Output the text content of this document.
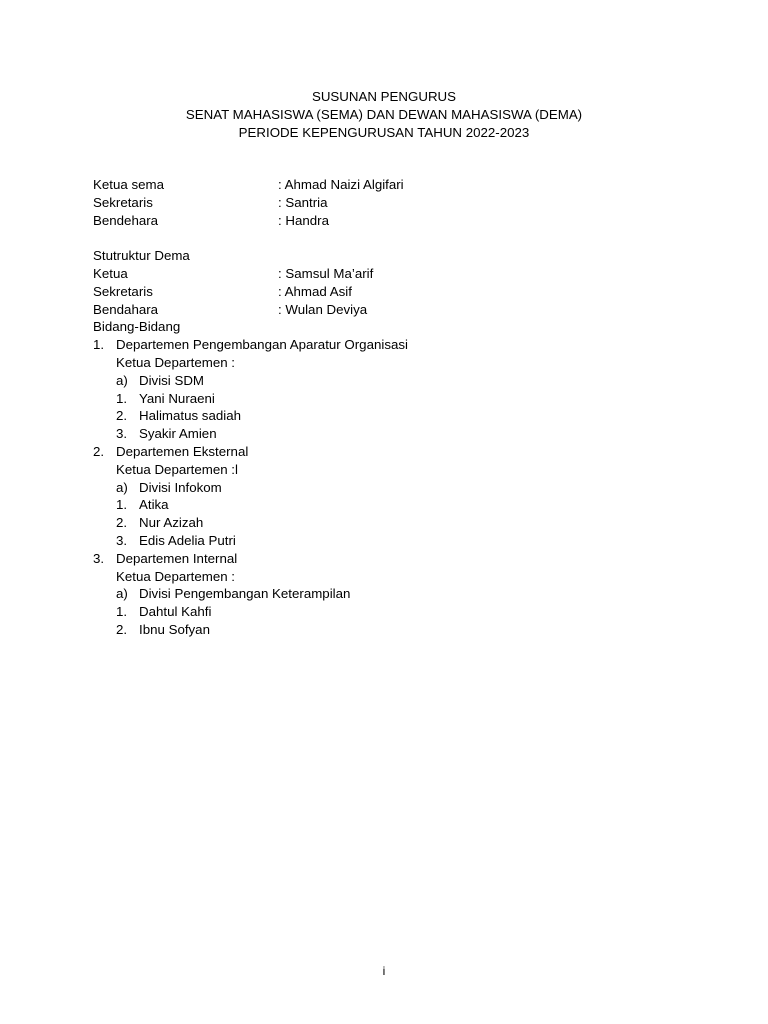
SUSUNAN PENGURUS
SENAT MAHASISWA (SEMA) DAN DEWAN MAHASISWA (DEMA)
PERIODE KEPENGURUSAN TAHUN 2022-2023
Ketua sema	: Ahmad Naizi Algifari
Sekretaris	: Santria
Bendehara	: Handra
Stutruktur Dema
Ketua	: Samsul Ma’arif
Sekretaris	: Ahmad Asif
Bendahara	: Wulan Deviya
Bidang-Bidang
1. Departemen Pengembangan Aparatur Organisasi
Ketua Departemen :
a) Divisi SDM
1. Yani Nuraeni
2. Halimatus sadiah
3. Syakir Amien
2. Departemen Eksternal
Ketua Departemen :l
a) Divisi Infokom
1. Atika
2. Nur Azizah
3. Edis Adelia Putri
3. Departemen Internal
Ketua Departemen :
a) Divisi Pengembangan Keterampilan
1. Dahtul Kahfi
2. Ibnu Sofyan
i
